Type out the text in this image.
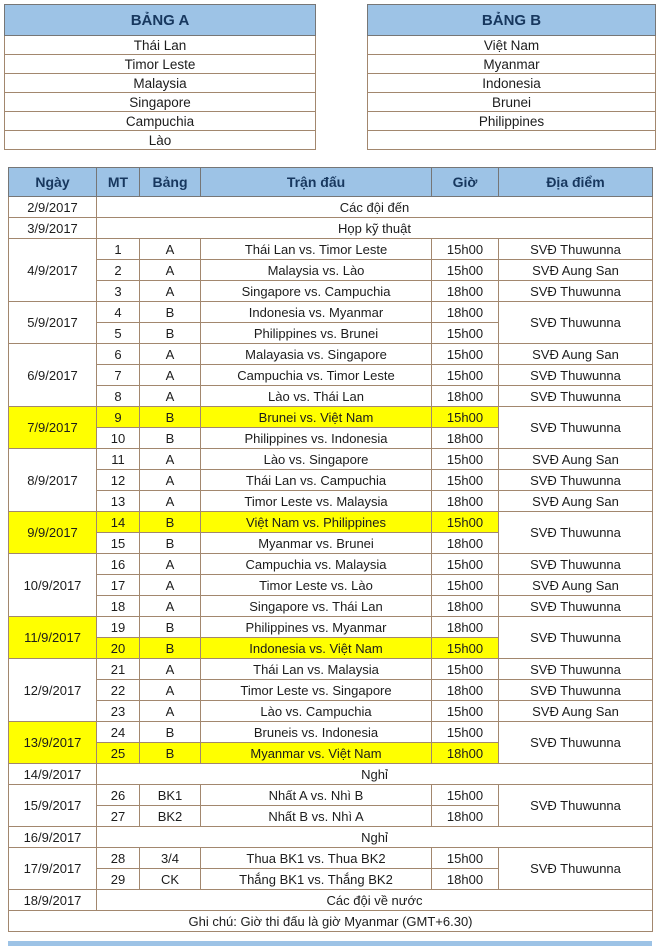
BẢNG A
Thái Lan
Timor Leste
Malaysia
Singapore
Campuchia
Lào
BẢNG B
Việt Nam
Myanmar
Indonesia
Brunei
Philippines

Ngày	MT	Bảng	Trận đấu	Giờ	Địa điểm
2/9/2017	Các đội đến				
3/9/2017	Họp kỹ thuật				
4/9/2017	1	A	Thái Lan vs. Timor Leste	15h00	SVĐ Thuwunna
	2	A	Malaysia vs. Lào	15h00	SVĐ Aung San
	3	A	Singapore vs. Campuchia	18h00	SVĐ Thuwunna
5/9/2017	4	B	Indonesia vs. Myanmar	18h00	SVĐ Thuwunna
	5	B	Philippines vs. Brunei	15h00	
6/9/2017	6	A	Malayasia vs. Singapore	15h00	SVĐ Aung San
	7	A	Campuchia vs. Timor Leste	15h00	SVĐ Thuwunna
	8	A	Lào vs. Thái Lan	18h00	SVĐ Thuwunna
7/9/2017	9	B	Brunei vs. Việt Nam	15h00	SVĐ Thuwunna
	10	B	Philippines vs. Indonesia	18h00	
8/9/2017	11	A	Lào vs. Singapore	15h00	SVĐ Aung San
	12	A	Thái Lan vs. Campuchia	15h00	SVĐ Thuwunna
	13	A	Timor Leste vs. Malaysia	18h00	SVĐ Aung San
9/9/2017	14	B	Việt Nam vs. Philippines	15h00	SVĐ Thuwunna
	15	B	Myanmar vs. Brunei	18h00	
10/9/2017	16	A	Campuchia vs. Malaysia	15h00	SVĐ Thuwunna
	17	A	Timor Leste vs. Lào	15h00	SVĐ Aung San
	18	A	Singapore vs. Thái Lan	18h00	SVĐ Thuwunna
11/9/2017	19	B	Philippines vs. Myanmar	18h00	SVĐ Thuwunna
	20	B	Indonesia vs. Việt Nam	15h00	
12/9/2017	21	A	Thái Lan vs. Malaysia	15h00	SVĐ Thuwunna
	22	A	Timor Leste vs. Singapore	18h00	SVĐ Thuwunna
	23	A	Lào vs. Campuchia	15h00	SVĐ Aung San
13/9/2017	24	B	Bruneis vs. Indonesia	15h00	SVĐ Thuwunna
	25	B	Myanmar vs. Việt Nam	18h00	
14/9/2017	Nghỉ				
15/9/2017	26	BK1	Nhất A vs. Nhì B	15h00	SVĐ Thuwunna
	27	BK2	Nhất B vs. Nhì A	18h00	
16/9/2017	Nghỉ				
17/9/2017	28	3/4	Thua BK1 vs. Thua BK2	15h00	SVĐ Thuwunna
	29	CK	Thắng BK1 vs. Thắng BK2	18h00	
18/9/2017	Các đội về nước				
Ghi chú: Giờ thi đấu là giờ Myanmar (GMT+6.30)					
